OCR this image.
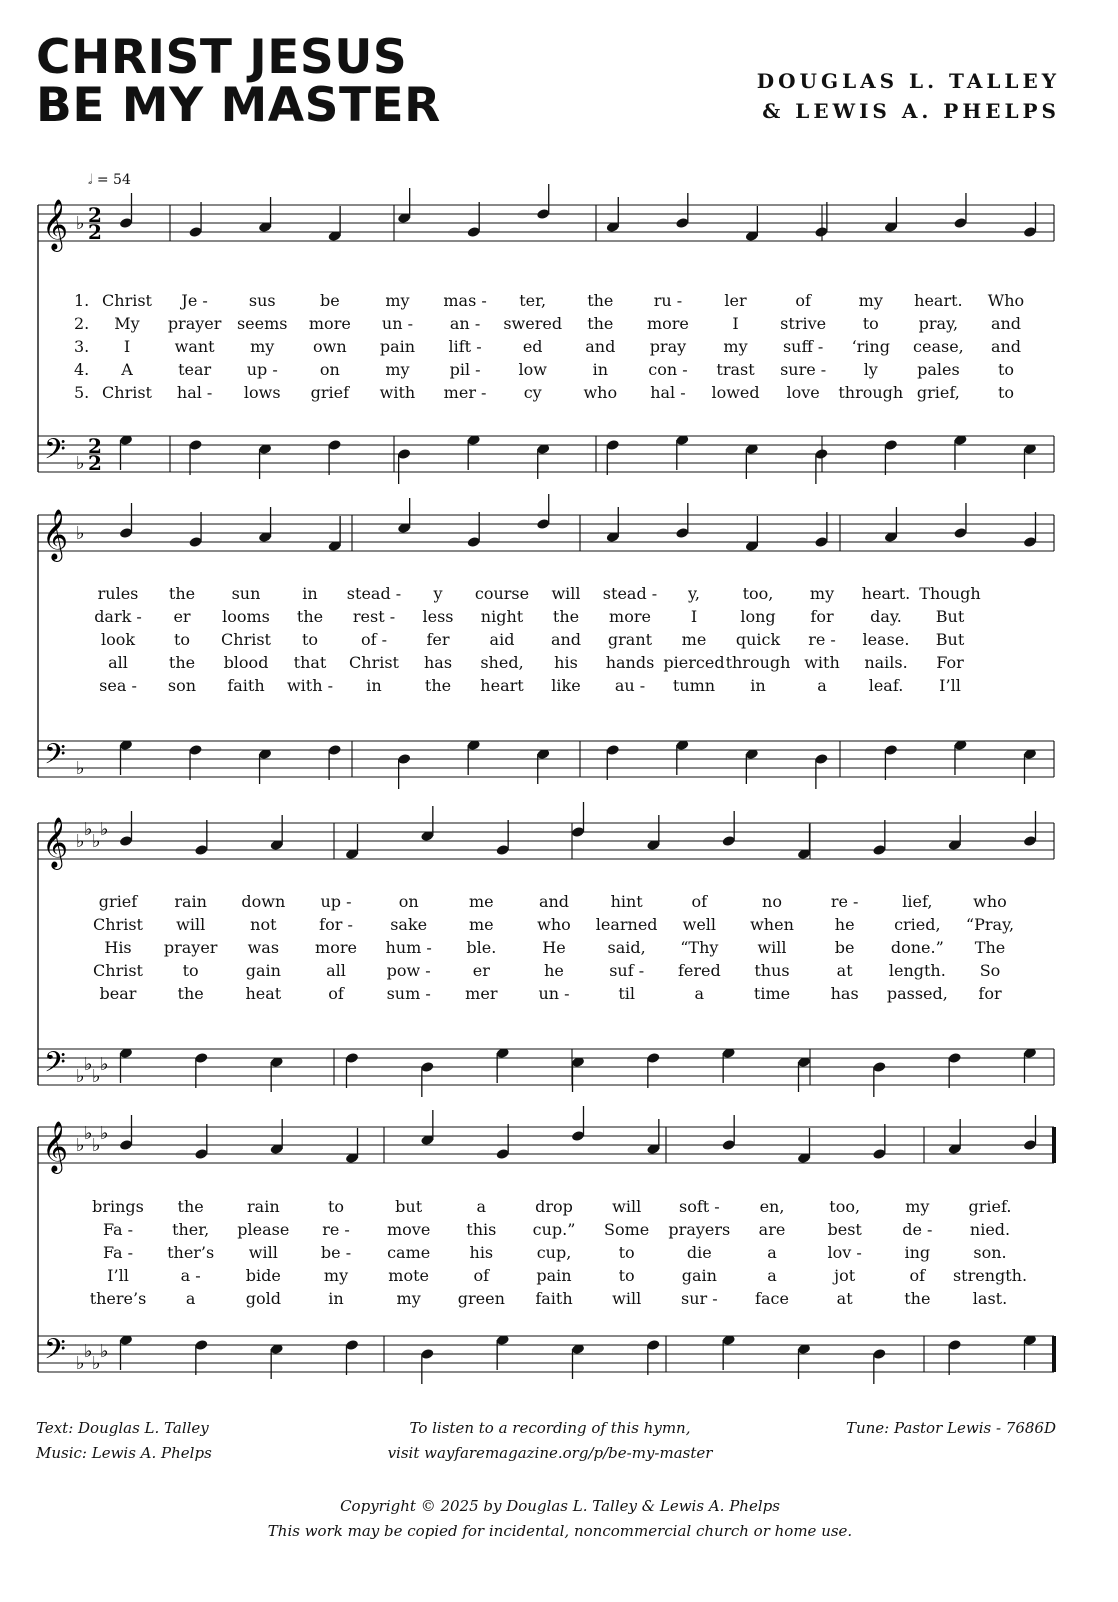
CHRIST JESUS
BE MY MASTER	DOUGLAS L. TALLEY
& LEWIS A. PHELPS
𝅗𝅥 = 54
𝄞
𝄢
♭
♭
2
2
2
2
𝄞
𝄢
♭
♭
𝄞
𝄢
♭
♭
♭
♭
♭
♭
♭
♭
𝄞
𝄢
♭
♭
♭
♭
♭
♭
♭
♭
1. Christ Je -	sus	be	my mas - ter,	the	ru -	ler	of	my heart. Who
2. My prayer seems more un - an - swered the more	I	strive to pray, and
3. I	want my own pain lift -	ed	and pray my suff - ‘ring cease, and
4. A	tear up -	on	my	pil - low	in	con - trast sure - ly pales to
5. Christ hal - lows grief with mer - cy	who hal - lowed love through grief, to
rules the sun	in stead - y course will stead - y,	too, my heart. Though
dark - er looms the rest - less night the more I	long for day. But
look to Christ to	of - fer	aid and grant me quick re - lease. But
all	the blood that Christ has shed, his hands pierced through with nails. For
sea - son faith with - in	the heart like au - tumn in	a	leaf. I’ll
grief rain down up -	on	me	and	hint	of	no	re -	lief,	who
Christ will	not	for - sake	me	who learned well when	he cried, “Pray,
His prayer was more hum - ble.	He	said, “Thy will	be done.” The
Christ to	gain	all	pow -	er	he	suf - fered thus	at length. So
bear	the	heat	of	sum - mer	un -	til	a	time	has passed, for
brings the	rain	to	but	a	drop will soft - en,	too,	my grief.
Fa - ther, please re - move this cup.” Some prayers are	best	de - nied.
Fa - ther’s will	be - came his	cup,	to	die	a	lov -	ing	son.
I’ll	a -	bide	my	mote	of	pain	to	gain	a	jot	of strength.
there’s a	gold	in	my green faith will sur - face	at	the	last.
Text: Douglas L. Talley
Music: Lewis A. Phelps
To listen to a recording of this hymn,
visit wayfaremagazine.org/p/be-my-master
Tune: Pastor Lewis - 7686D
Copyright © 2025 by Douglas L. Talley & Lewis A. Phelps
This work may be copied for incidental, noncommercial church or home use.
